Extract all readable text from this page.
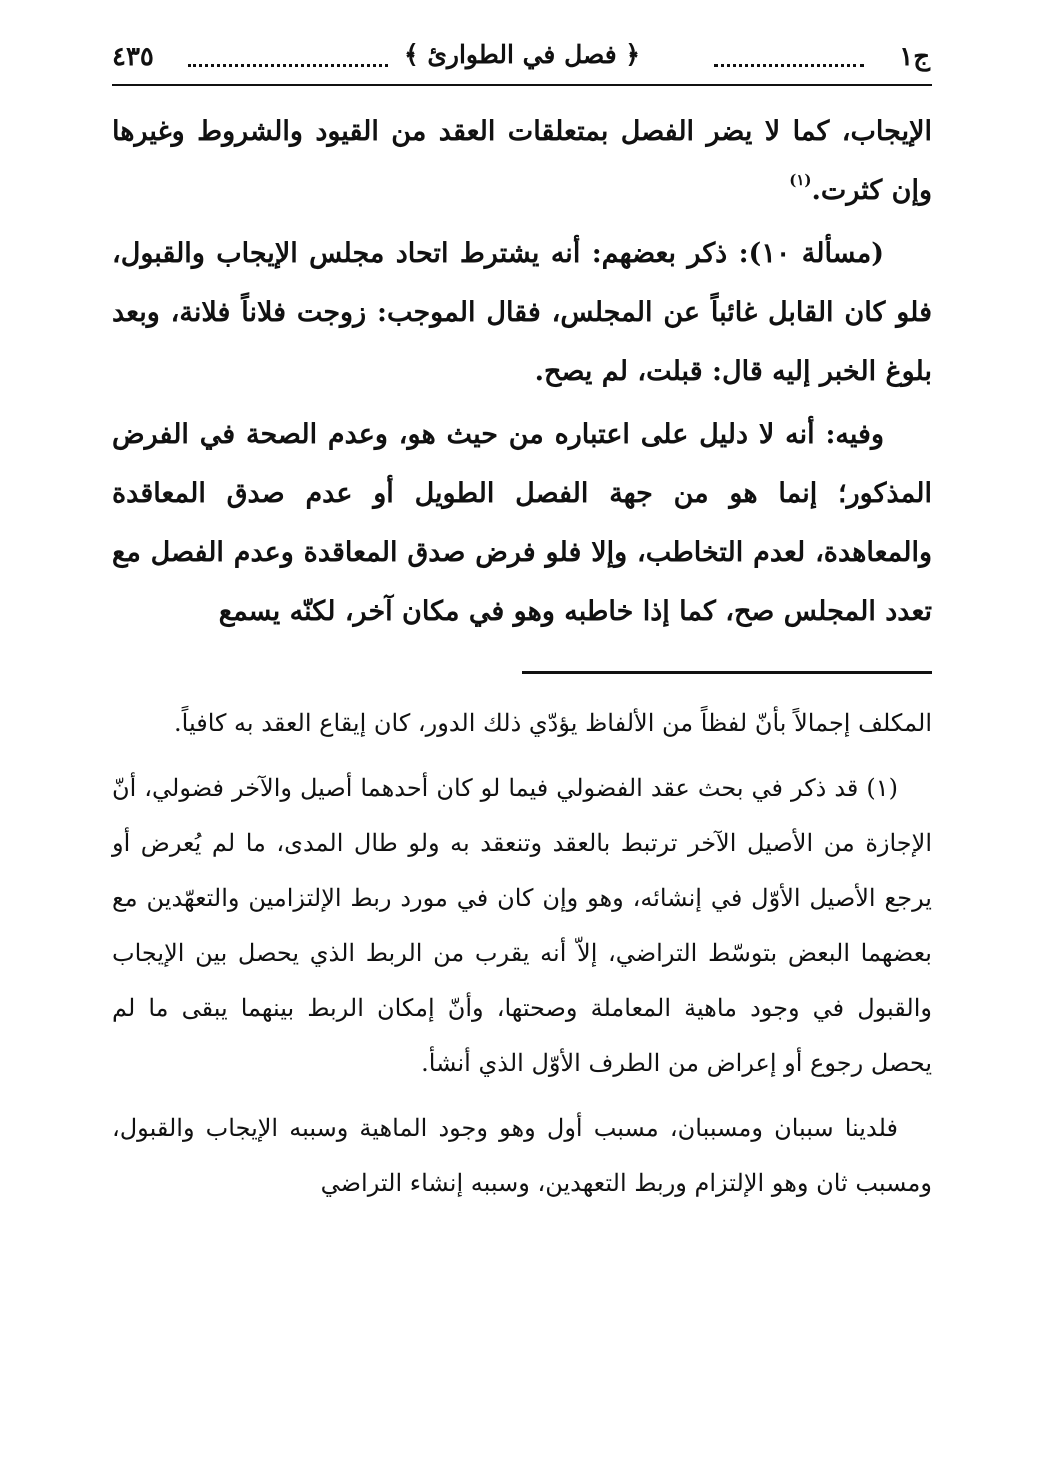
ج١
﴿ فصل في الطوارئ ﴾
٤٣٥

الإيجاب، كما لا يضر الفصل بمتعلقات العقد من القيود والشروط وغيرها وإن كثرت.$^{(١)}$

(مسألة ١٠): ذكر بعضهم: أنه يشترط اتحاد مجلس الإيجاب والقبول، فلو كان القابل غائباً عن المجلس، فقال الموجب: زوجت فلاناً فلانة، وبعد بلوغ الخبر إليه قال: قبلت، لم يصح.

وفيه: أنه لا دليل على اعتباره من حيث هو، وعدم الصحة في الفرض المذكور؛ إنما هو من جهة الفصل الطويل أو عدم صدق المعاقدة والمعاهدة، لعدم التخاطب، وإلا فلو فرض صدق المعاقدة وعدم الفصل مع تعدد المجلس صح، كما إذا خاطبه وهو في مكان آخر، لكنّه يسمع

المكلف إجمالاً بأنّ لفظاً من الألفاظ يؤدّي ذلك الدور، كان إيقاع العقد به كافياً.

(١) قد ذكر في بحث عقد الفضولي فيما لو كان أحدهما أصيل والآخر فضولي، أنّ الإجازة من الأصيل الآخر ترتبط بالعقد وتنعقد به ولو طال المدى، ما لم يُعرض أو يرجع الأصيل الأوّل في إنشائه، وهو وإن كان في مورد ربط الإلتزامين والتعهّدين مع بعضهما البعض بتوسّط التراضي، إلاّ أنه يقرب من الربط الذي يحصل بين الإيجاب والقبول في وجود ماهية المعاملة وصحتها، وأنّ إمكان الربط بينهما يبقى ما لم يحصل رجوع أو إعراض من الطرف الأوّل الذي أنشأ.

فلدينا سببان ومسببان، مسبب أول وهو وجود الماهية وسببه الإيجاب والقبول، ومسبب ثان وهو الإلتزام وربط التعهدين، وسببه إنشاء التراضي
